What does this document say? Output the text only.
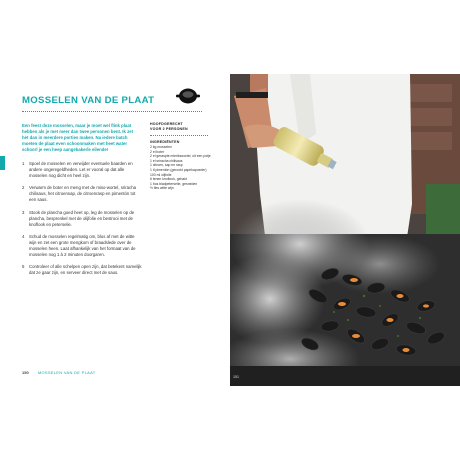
MOSSELEN VAN DE PLAAT
Een feest deze mosselen, maar je moet wel flink plaat hebben als je met meer dan twee personen bent. Ik zet het dan in meerdere porties maken. Na iedere batch moeten de plaat even schoonmaken met heet water schoorl je een heep aangebakerle eilende!
1 Spoel de mosselen en verwijder eventuele baarden en andere ongeregeldheden. Let er vooral op dat alle mosselen nog dicht en heel zijn.
2 Verwarm de boter en meng met de miso-wortel, sriracha chilisaus, het citroensap, de citroenrasp en pimentón tot een saus.
3 Stook de plancha goed heet op, leg de mosselen op de plancha, besprenkel met de olijfolie en bestrooi met de knoflook en peterselie.
4 Schud de mosselen regelmatig om, blus af met de witte wijn en zet een grote mengkom of braadslede over de mosselen heen. Laat afhankelijk van het formaat van de mosselen nog 1 à 2 minuten doorgaren.
5 Controleer of alle schelpen open zijn, dat betekent namelijk dat ze gaar zijn, en serveer direct met de saus.
HOOFDGERECHT
VOOR 2 PERSONEN
INGREDIËNTEN
2 kg mosselen
2 el boter
2 el geraspte mierikswortel, uit een potje
1 el sriracha chilisaus
1 citroen, sap en rasp
1 tl pimentón (gerookt paprikapoeder)
100 ml olijfolie
6 tenen knoflook, gehakt
1 bos bladpeterselie, gesneden
½ fles witte wijn
150 MOSSELEN VAN DE PLAAT
151
